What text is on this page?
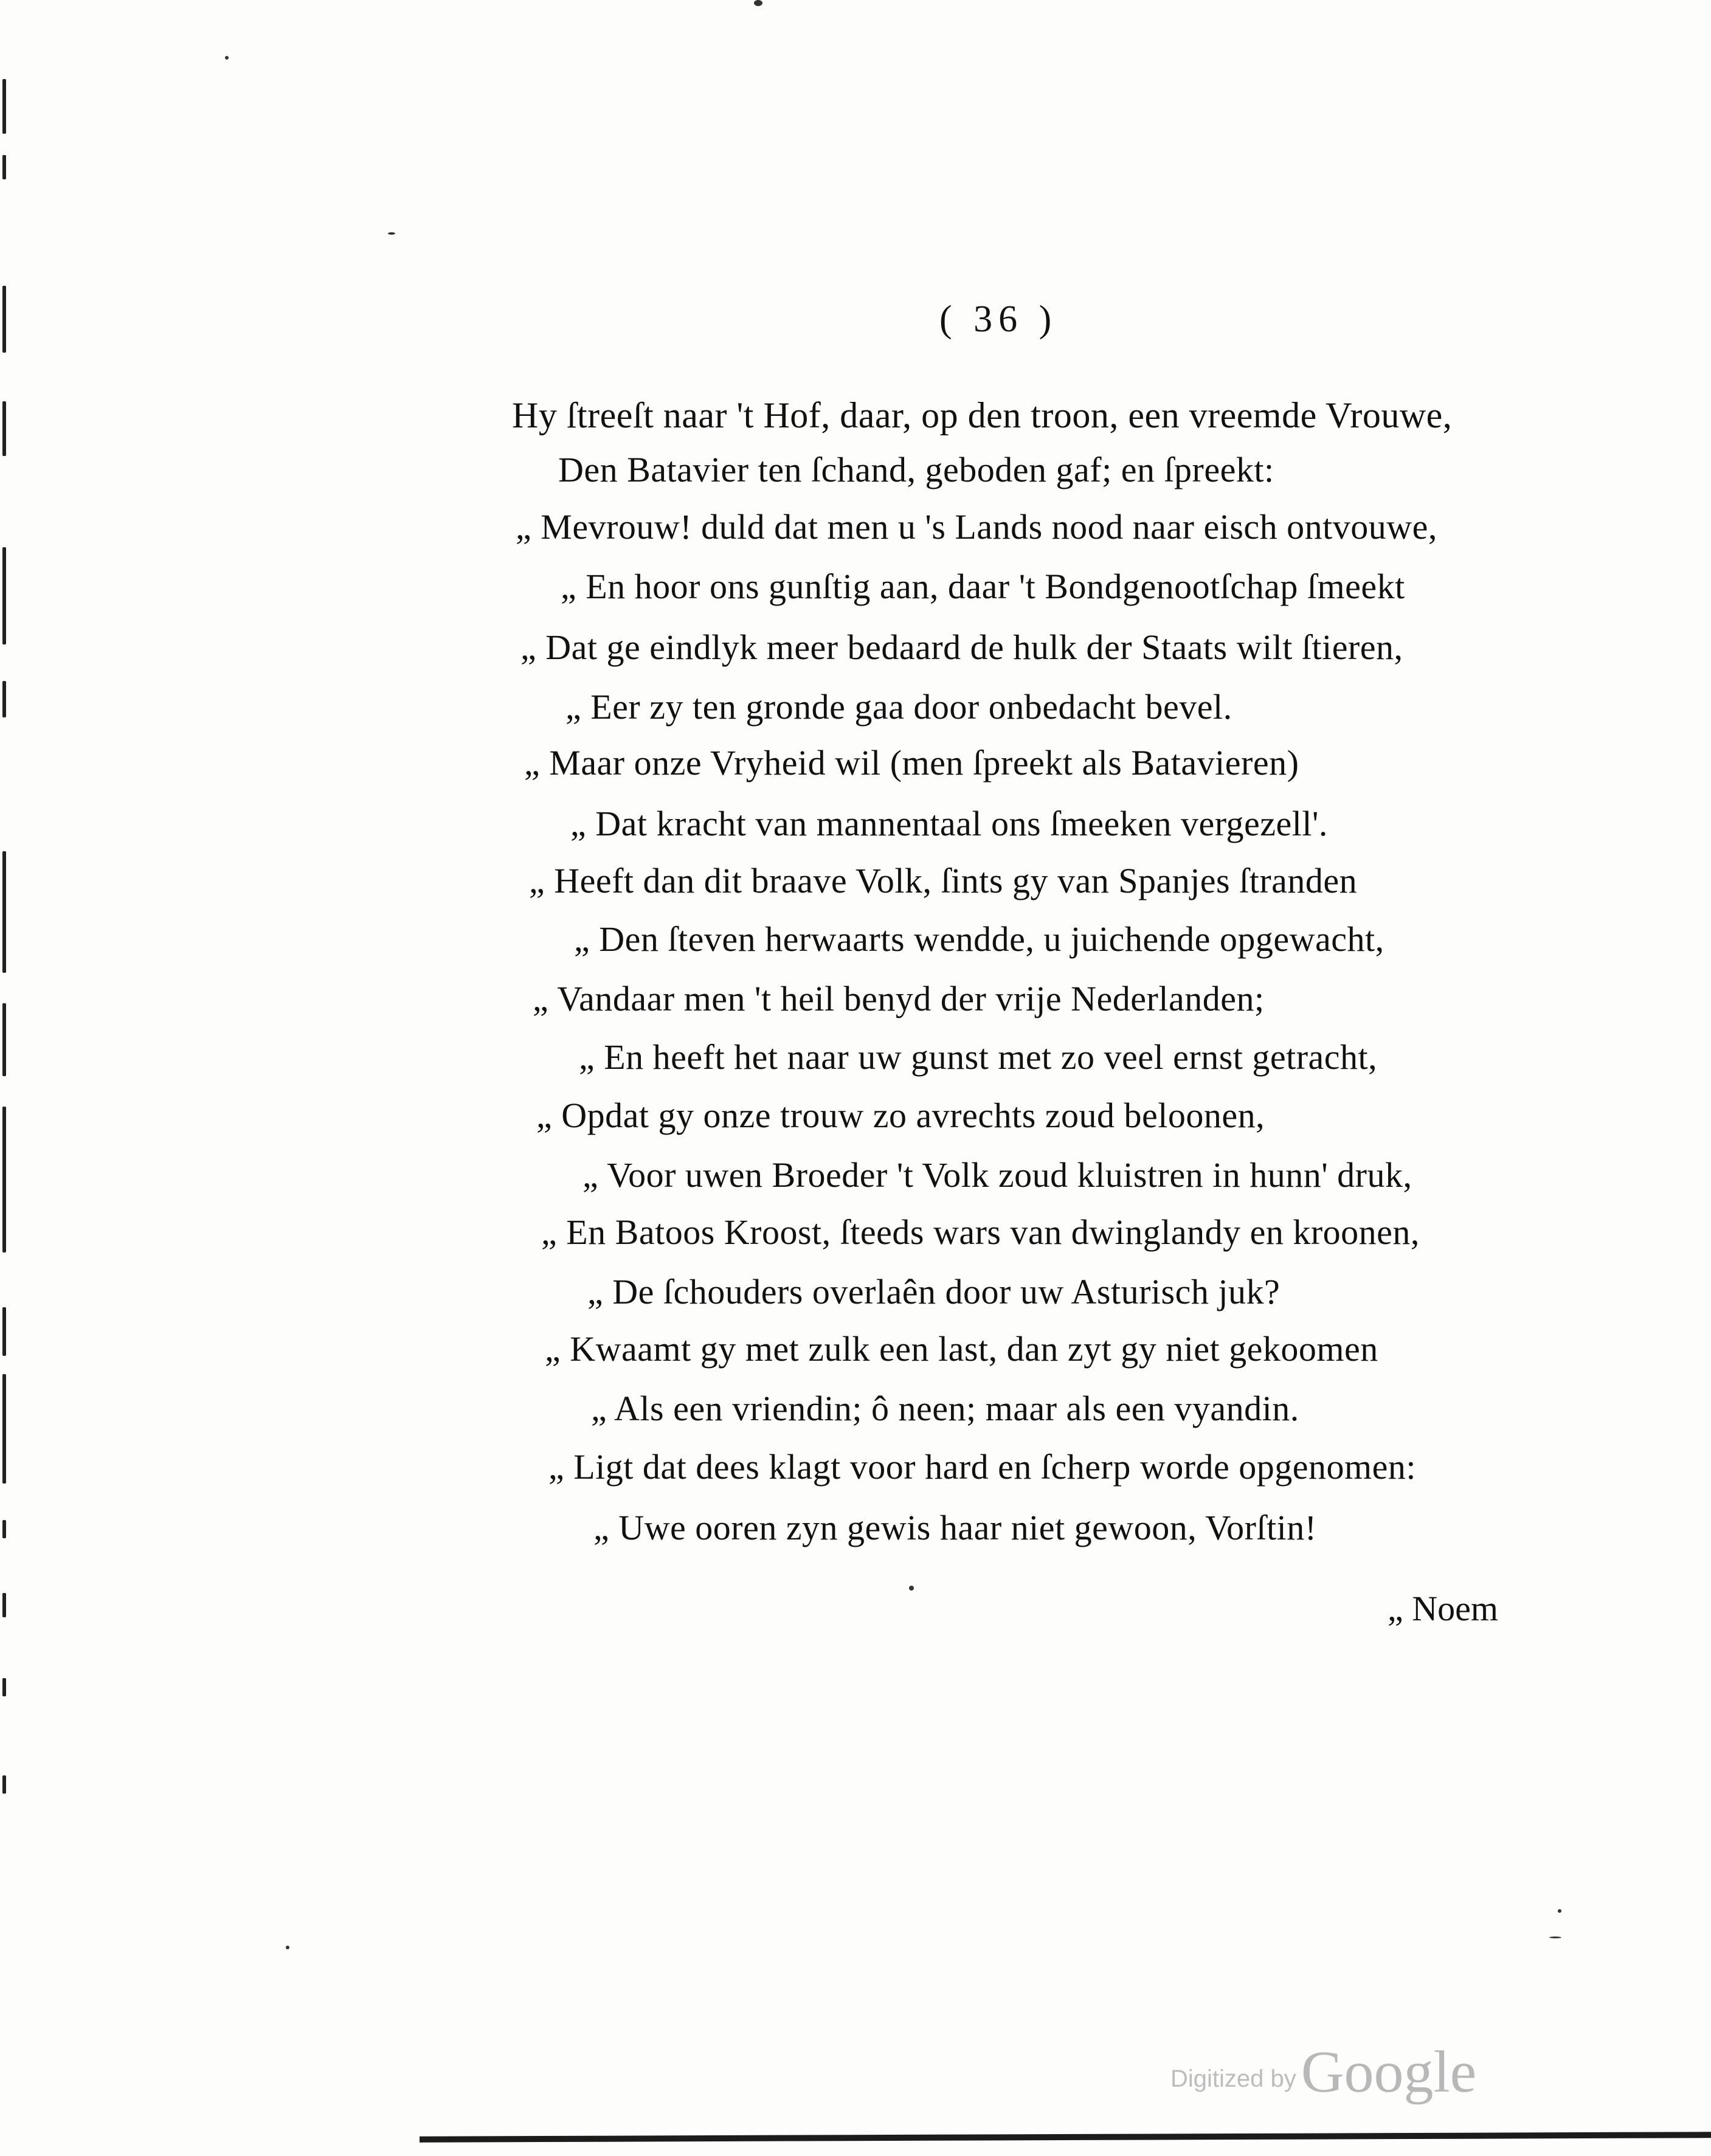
( 36 )
Hy ſtreeſt naar 't Hof, daar, op den troon, een vreemde Vrouwe,
Den Batavier ten ſchand, geboden gaf; en ſpreekt:
„ Mevrouw! duld dat men u 's Lands nood naar eisch ontvouwe,
„ En hoor ons gunſtig aan, daar 't Bondgenootſchap ſmeekt
„ Dat ge eindlyk meer bedaard de hulk der Staats wilt ſtieren,
„ Eer zy ten gronde gaa door onbedacht bevel.
„ Maar onze Vryheid wil (men ſpreekt als Batavieren)
„ Dat kracht van mannentaal ons ſmeeken vergezell'.
„ Heeft dan dit braave Volk, ſints gy van Spanjes ſtranden
„ Den ſteven herwaarts wendde, u juichende opgewacht,
„ Vandaar men 't heil benyd der vrije Nederlanden;
„ En heeft het naar uw gunst met zo veel ernst getracht,
„ Opdat gy onze trouw zo avrechts zoud beloonen,
„ Voor uwen Broeder 't Volk zoud kluistren in hunn' druk,
„ En Batoos Kroost, ſteeds wars van dwinglandy en kroonen,
„ De ſchouders overlaên door uw Asturisch juk?
„ Kwaamt gy met zulk een last, dan zyt gy niet gekoomen
„ Als een vriendin; ô neen; maar als een vyandin.
„ Ligt dat dees klagt voor hard en ſcherp worde opgenomen:
„ Uwe ooren zyn gewis haar niet gewoon, Vorſtin!
„ Noem
Digitized byGoogle
